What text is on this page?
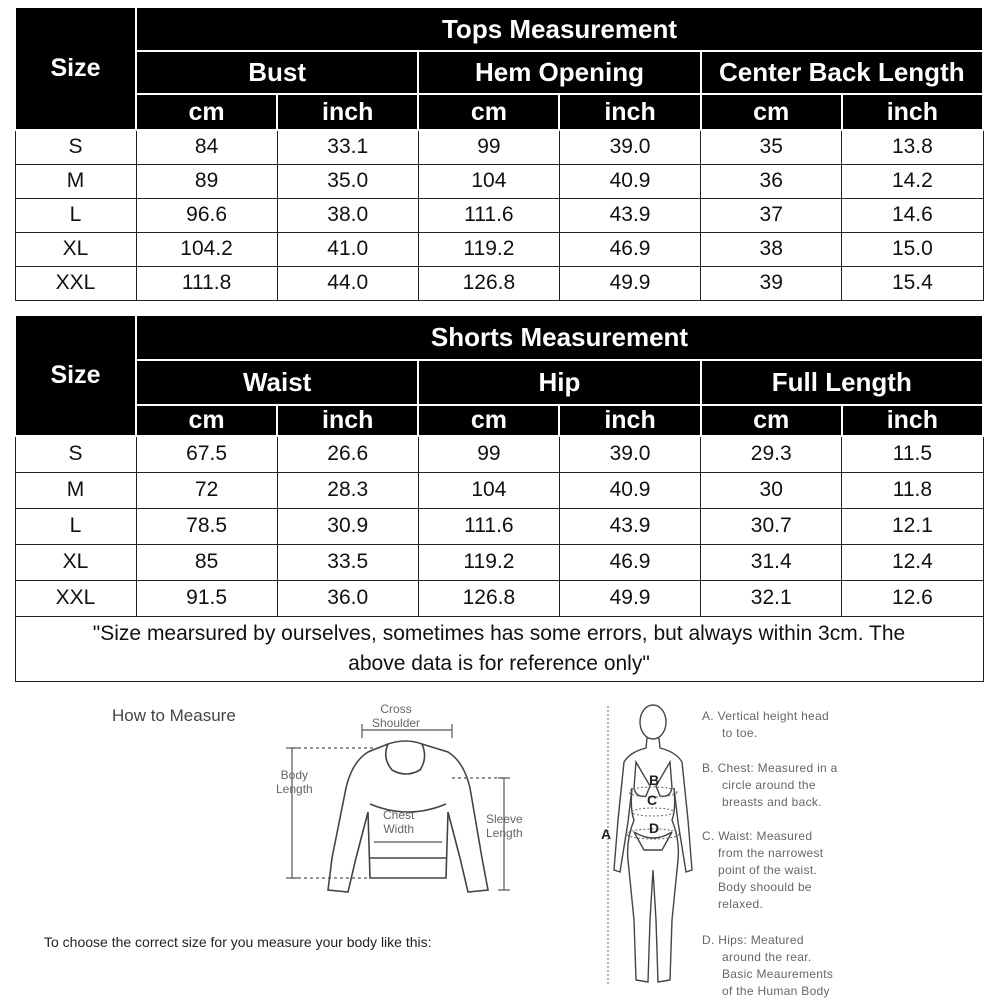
Size	Tops Measurement					
	Bust		Hem Opening		Center Back Length	
	cm	inch	cm	inch	cm	inch
S	84	33.1	99	39.0	35	13.8
M	89	35.0	104	40.9	36	14.2
L	96.6	38.0	111.6	43.9	37	14.6
XL	104.2	41.0	119.2	46.9	38	15.0
XXL	111.8	44.0	126.8	49.9	39	15.4
Size	Shorts Measurement					
	Waist		Hip		Full Length	
	cm	inch	cm	inch	cm	inch
S	67.5	26.6	99	39.0	29.3	11.5
M	72	28.3	104	40.9	30	11.8
L	78.5	30.9	111.6	43.9	30.7	12.1
XL	85	33.5	119.2	46.9	31.4	12.4
XXL	91.5	36.0	126.8	49.9	32.1	12.6
"Size mearsured by ourselves, sometimes has some errors, but always within 3cm. The
above data is for reference only"						
How to Measure	Cross
Shoulder
Body
Length
Chest
Width
Sleeve
Length
To choose the correct size for you measure your body like this:
A
B
C
D
A. Vertical height head
to toe.
B. Chest: Measured in a
circle around the
breasts and back.
C. Waist: Measured
from the narrowest
point of the waist.
Body shoould be
relaxed.
D. Hips: Meatured
around the rear.
Basic Meaurements
of the Human Body
